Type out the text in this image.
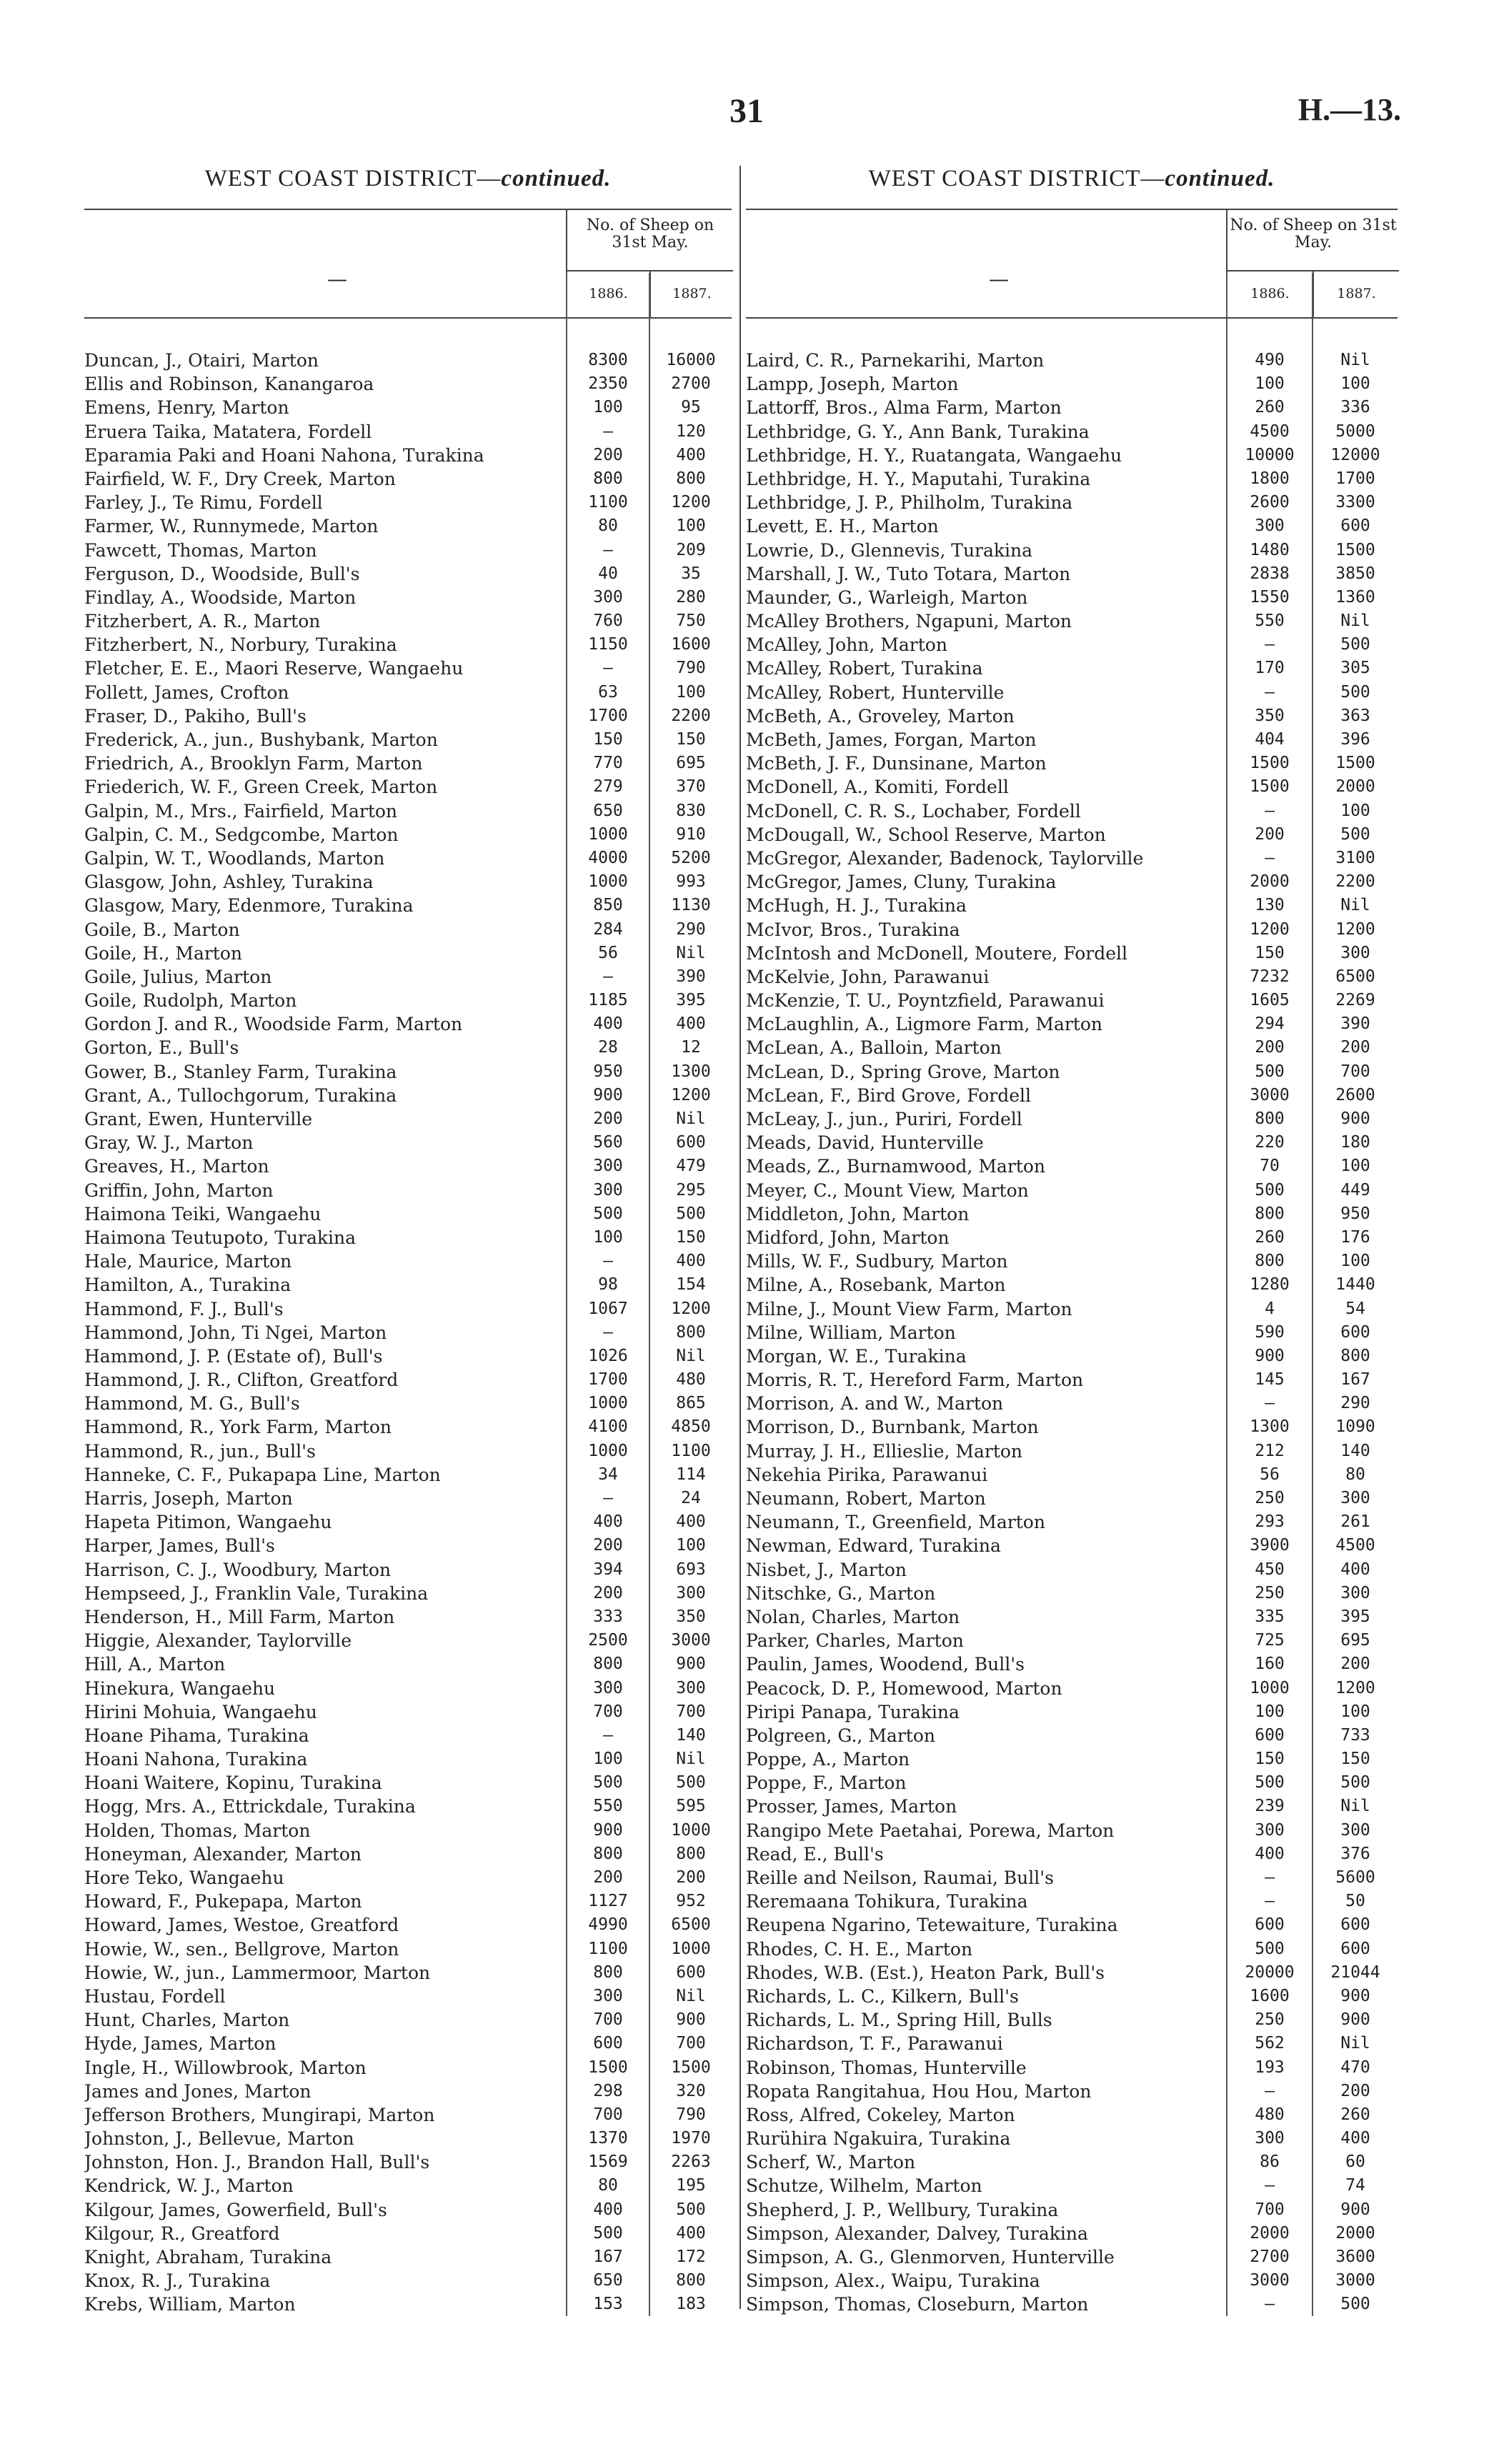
31	H.—13.
WEST COAST DISTRICT—continued.
—
No. of Sheep on 31st May.
1886.	1887.
Duncan, J., Otairi, Marton	8300	16000
Ellis and Robinson, Kanangaroa	2350	2700
Emens, Henry, Marton	100	95
Eruera Taika, Matatera, Fordell	—	120
Eparamia Paki and Hoani Nahona, Turakina	200	400
Fairfield, W. F., Dry Creek, Marton	800	800
Farley, J., Te Rimu, Fordell	1100	1200
Farmer, W., Runnymede, Marton	80	100
Fawcett, Thomas, Marton	—	209
Ferguson, D., Woodside, Bull's	40	35
Findlay, A., Woodside, Marton	300	280
Fitzherbert, A. R., Marton	760	750
Fitzherbert, N., Norbury, Turakina	1150	1600
Fletcher, E. E., Maori Reserve, Wangaehu	—	790
Follett, James, Crofton	63	100
Fraser, D., Pakiho, Bull's	1700	2200
Frederick, A., jun., Bushybank, Marton	150	150
Friedrich, A., Brooklyn Farm, Marton	770	695
Friederich, W. F., Green Creek, Marton	279	370
Galpin, M., Mrs., Fairfield, Marton	650	830
Galpin, C. M., Sedgcombe, Marton	1000	910
Galpin, W. T., Woodlands, Marton	4000	5200
Glasgow, John, Ashley, Turakina	1000	993
Glasgow, Mary, Edenmore, Turakina	850	1130
Goile, B., Marton	284	290
Goile, H., Marton	56	Nil
Goile, Julius, Marton	—	390
Goile, Rudolph, Marton	1185	395
Gordon J. and R., Woodside Farm, Marton	400	400
Gorton, E., Bull's	28	12
Gower, B., Stanley Farm, Turakina	950	1300
Grant, A., Tullochgorum, Turakina	900	1200
Grant, Ewen, Hunterville	200	Nil
Gray, W. J., Marton	560	600
Greaves, H., Marton	300	479
Griffin, John, Marton	300	295
Haimona Teiki, Wangaehu	500	500
Haimona Teutupoto, Turakina	100	150
Hale, Maurice, Marton	—	400
Hamilton, A., Turakina	98	154
Hammond, F. J., Bull's	1067	1200
Hammond, John, Ti Ngei, Marton	—	800
Hammond, J. P. (Estate of), Bull's	1026	Nil
Hammond, J. R., Clifton, Greatford	1700	480
Hammond, M. G., Bull's	1000	865
Hammond, R., York Farm, Marton	4100	4850
Hammond, R., jun., Bull's	1000	1100
Hanneke, C. F., Pukapapa Line, Marton	34	114
Harris, Joseph, Marton	—	24
Hapeta Pitimon, Wangaehu	400	400
Harper, James, Bull's	200	100
Harrison, C. J., Woodbury, Marton	394	693
Hempseed, J., Franklin Vale, Turakina	200	300
Henderson, H., Mill Farm, Marton	333	350
Higgie, Alexander, Taylorville	2500	3000
Hill, A., Marton	800	900
Hinekura, Wangaehu	300	300
Hirini Mohuia, Wangaehu	700	700
Hoane Pihama, Turakina	—	140
Hoani Nahona, Turakina	100	Nil
Hoani Waitere, Kopinu, Turakina	500	500
Hogg, Mrs. A., Ettrickdale, Turakina	550	595
Holden, Thomas, Marton	900	1000
Honeyman, Alexander, Marton	800	800
Hore Teko, Wangaehu	200	200
Howard, F., Pukepapa, Marton	1127	952
Howard, James, Westoe, Greatford	4990	6500
Howie, W., sen., Bellgrove, Marton	1100	1000
Howie, W., jun., Lammermoor, Marton	800	600
Hustau, Fordell	300	Nil
Hunt, Charles, Marton	700	900
Hyde, James, Marton	600	700
Ingle, H., Willowbrook, Marton	1500	1500
James and Jones, Marton	298	320
Jefferson Brothers, Mungirapi, Marton	700	790
Johnston, J., Bellevue, Marton	1370	1970
Johnston, Hon. J., Brandon Hall, Bull's	1569	2263
Kendrick, W. J., Marton	80	195
Kilgour, James, Gowerfield, Bull's	400	500
Kilgour, R., Greatford	500	400
Knight, Abraham, Turakina	167	172
Knox, R. J., Turakina	650	800
Krebs, William, Marton	153	183
WEST COAST DISTRICT—continued.
—
No. of Sheep on 31st May.
1886.	1887.
Laird, C. R., Parnekarihi, Marton	490	Nil
Lampp, Joseph, Marton	100	100
Lattorff, Bros., Alma Farm, Marton	260	336
Lethbridge, G. Y., Ann Bank, Turakina	4500	5000
Lethbridge, H. Y., Ruatangata, Wangaehu	10000	12000
Lethbridge, H. Y., Maputahi, Turakina	1800	1700
Lethbridge, J. P., Philholm, Turakina	2600	3300
Levett, E. H., Marton	300	600
Lowrie, D., Glennevis, Turakina	1480	1500
Marshall, J. W., Tuto Totara, Marton	2838	3850
Maunder, G., Warleigh, Marton	1550	1360
McAlley Brothers, Ngapuni, Marton	550	Nil
McAlley, John, Marton	—	500
McAlley, Robert, Turakina	170	305
McAlley, Robert, Hunterville	—	500
McBeth, A., Groveley, Marton	350	363
McBeth, James, Forgan, Marton	404	396
McBeth, J. F., Dunsinane, Marton	1500	1500
McDonell, A., Komiti, Fordell	1500	2000
McDonell, C. R. S., Lochaber, Fordell	—	100
McDougall, W., School Reserve, Marton	200	500
McGregor, Alexander, Badenock, Taylorville	—	3100
McGregor, James, Cluny, Turakina	2000	2200
McHugh, H. J., Turakina	130	Nil
McIvor, Bros., Turakina	1200	1200
McIntosh and McDonell, Moutere, Fordell	150	300
McKelvie, John, Parawanui	7232	6500
McKenzie, T. U., Poyntzfield, Parawanui	1605	2269
McLaughlin, A., Ligmore Farm, Marton	294	390
McLean, A., Balloin, Marton	200	200
McLean, D., Spring Grove, Marton	500	700
McLean, F., Bird Grove, Fordell	3000	2600
McLeay, J., jun., Puriri, Fordell	800	900
Meads, David, Hunterville	220	180
Meads, Z., Burnamwood, Marton	70	100
Meyer, C., Mount View, Marton	500	449
Middleton, John, Marton	800	950
Midford, John, Marton	260	176
Mills, W. F., Sudbury, Marton	800	100
Milne, A., Rosebank, Marton	1280	1440
Milne, J., Mount View Farm, Marton	4	54
Milne, William, Marton	590	600
Morgan, W. E., Turakina	900	800
Morris, R. T., Hereford Farm, Marton	145	167
Morrison, A. and W., Marton	—	290
Morrison, D., Burnbank, Marton	1300	1090
Murray, J. H., Ellieslie, Marton	212	140
Nekehia Pirika, Parawanui	56	80
Neumann, Robert, Marton	250	300
Neumann, T., Greenfield, Marton	293	261
Newman, Edward, Turakina	3900	4500
Nisbet, J., Marton	450	400
Nitschke, G., Marton	250	300
Nolan, Charles, Marton	335	395
Parker, Charles, Marton	725	695
Paulin, James, Woodend, Bull's	160	200
Peacock, D. P., Homewood, Marton	1000	1200
Piripi Panapa, Turakina	100	100
Polgreen, G., Marton	600	733
Poppe, A., Marton	150	150
Poppe, F., Marton	500	500
Prosser, James, Marton	239	Nil
Rangipo Mete Paetahai, Porewa, Marton	300	300
Read, E., Bull's	400	376
Reille and Neilson, Raumai, Bull's	—	5600
Reremaana Tohikura, Turakina	—	50
Reupena Ngarino, Tetewaiture, Turakina	600	600
Rhodes, C. H. E., Marton	500	600
Rhodes, W.B. (Est.), Heaton Park, Bull's	20000	21044
Richards, L. C., Kilkern, Bull's	1600	900
Richards, L. M., Spring Hill, Bulls	250	900
Richardson, T. F., Parawanui	562	Nil
Robinson, Thomas, Hunterville	193	470
Ropata Rangitahua, Hou Hou, Marton	—	200
Ross, Alfred, Cokeley, Marton	480	260
Rurühira Ngakuira, Turakina	300	400
Scherf, W., Marton	86	60
Schutze, Wilhelm, Marton	—	74
Shepherd, J. P., Wellbury, Turakina	700	900
Simpson, Alexander, Dalvey, Turakina	2000	2000
Simpson, A. G., Glenmorven, Hunterville	2700	3600
Simpson, Alex., Waipu, Turakina	3000	3000
Simpson, Thomas, Closeburn, Marton	—	500
